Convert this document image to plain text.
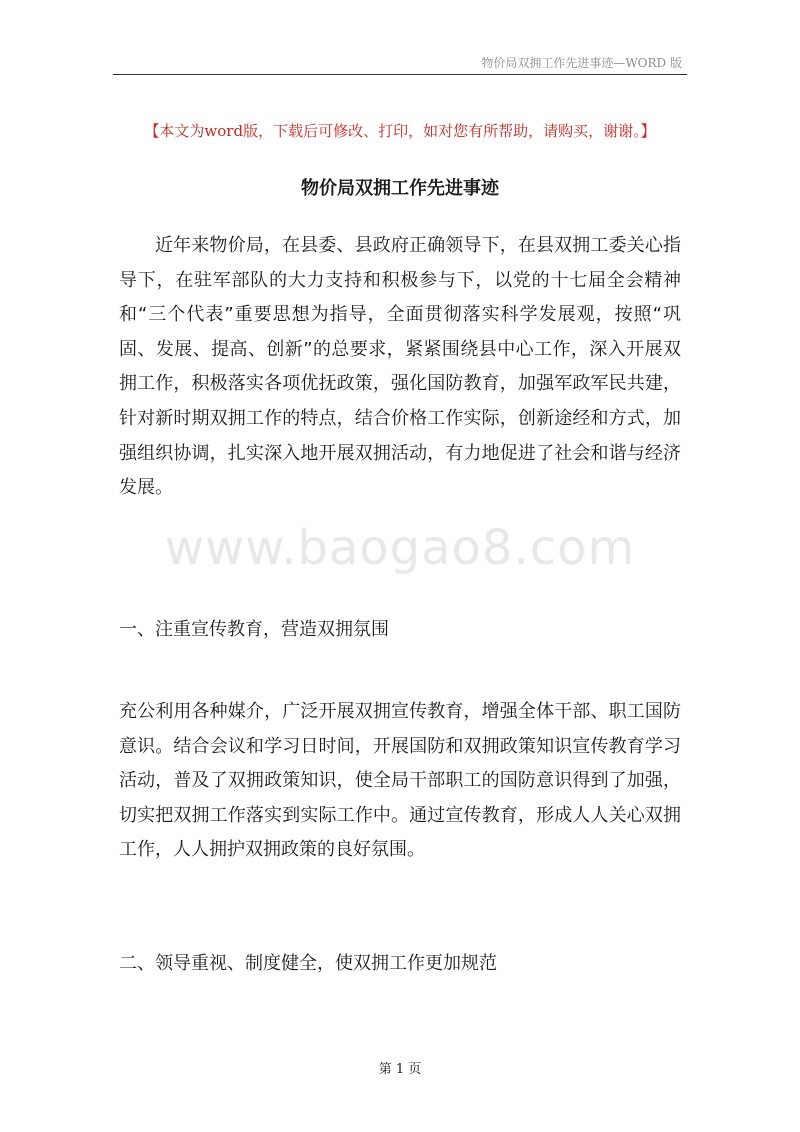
物价局双拥工作先进事迹—WORD 版
【本文为word版，下载后可修改、打印，如对您有所帮助，请购买，谢谢。】
物价局双拥工作先进事迹
近年来物价局，在县委、县政府正确领导下，在县双拥工委关心指导下，在驻军部队的大力支持和积极参与下，以党的十七届全会精神和“三个代表”重要思想为指导，全面贯彻落实科学发展观，按照“巩固、发展、提高、创新”的总要求，紧紧围绕县中心工作，深入开展双拥工作，积极落实各项优抚政策，强化国防教育，加强军政军民共建，针对新时期双拥工作的特点，结合价格工作实际，创新途经和方式，加强组织协调，扎实深入地开展双拥活动，有力地促进了社会和谐与经济发展。
www.baogao8.com
一、注重宣传教育，营造双拥氛围
充公利用各种媒介，广泛开展双拥宣传教育，增强全体干部、职工国防意识。结合会议和学习日时间，开展国防和双拥政策知识宣传教育学习活动，普及了双拥政策知识，使全局干部职工的国防意识得到了加强，切实把双拥工作落实到实际工作中。通过宣传教育，形成人人关心双拥工作，人人拥护双拥政策的良好氛围。
二、领导重视、制度健全，使双拥工作更加规范
第 1 页
